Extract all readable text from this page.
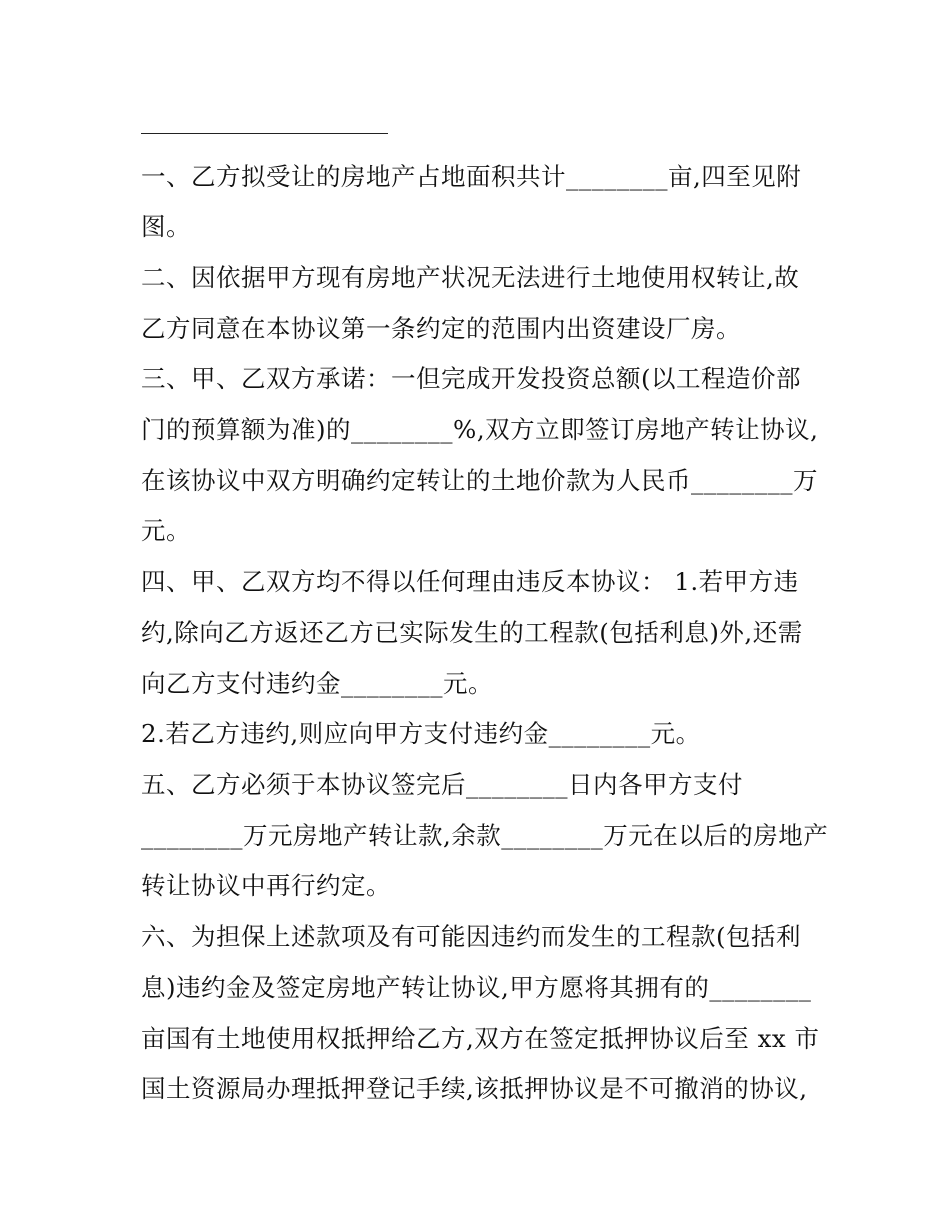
一、乙方拟受让的房地产占地面积共计________亩,四至见附
图。
二、因依据甲方现有房地产状况无法进行土地使用权转让,故
乙方同意在本协议第一条约定的范围内出资建设厂房。
三、甲、乙双方承诺：一但完成开发投资总额(以工程造价部
门的预算额为准)的________%,双方立即签订房地产转让协议,
在该协议中双方明确约定转让的土地价款为人民币________万
元。
四、甲、乙双方均不得以任何理由违反本协议： 1.若甲方违
约,除向乙方返还乙方已实际发生的工程款(包括利息)外,还需
向乙方支付违约金________元。
2.若乙方违约,则应向甲方支付违约金________元。
五、乙方必须于本协议签完后________日内各甲方支付
________万元房地产转让款,余款________万元在以后的房地产
转让协议中再行约定。
六、为担保上述款项及有可能因违约而发生的工程款(包括利
息)违约金及签定房地产转让协议,甲方愿将其拥有的________
亩国有土地使用权抵押给乙方,双方在签定抵押协议后至 xx 市
国土资源局办理抵押登记手续,该抵押协议是不可撤消的协议,
